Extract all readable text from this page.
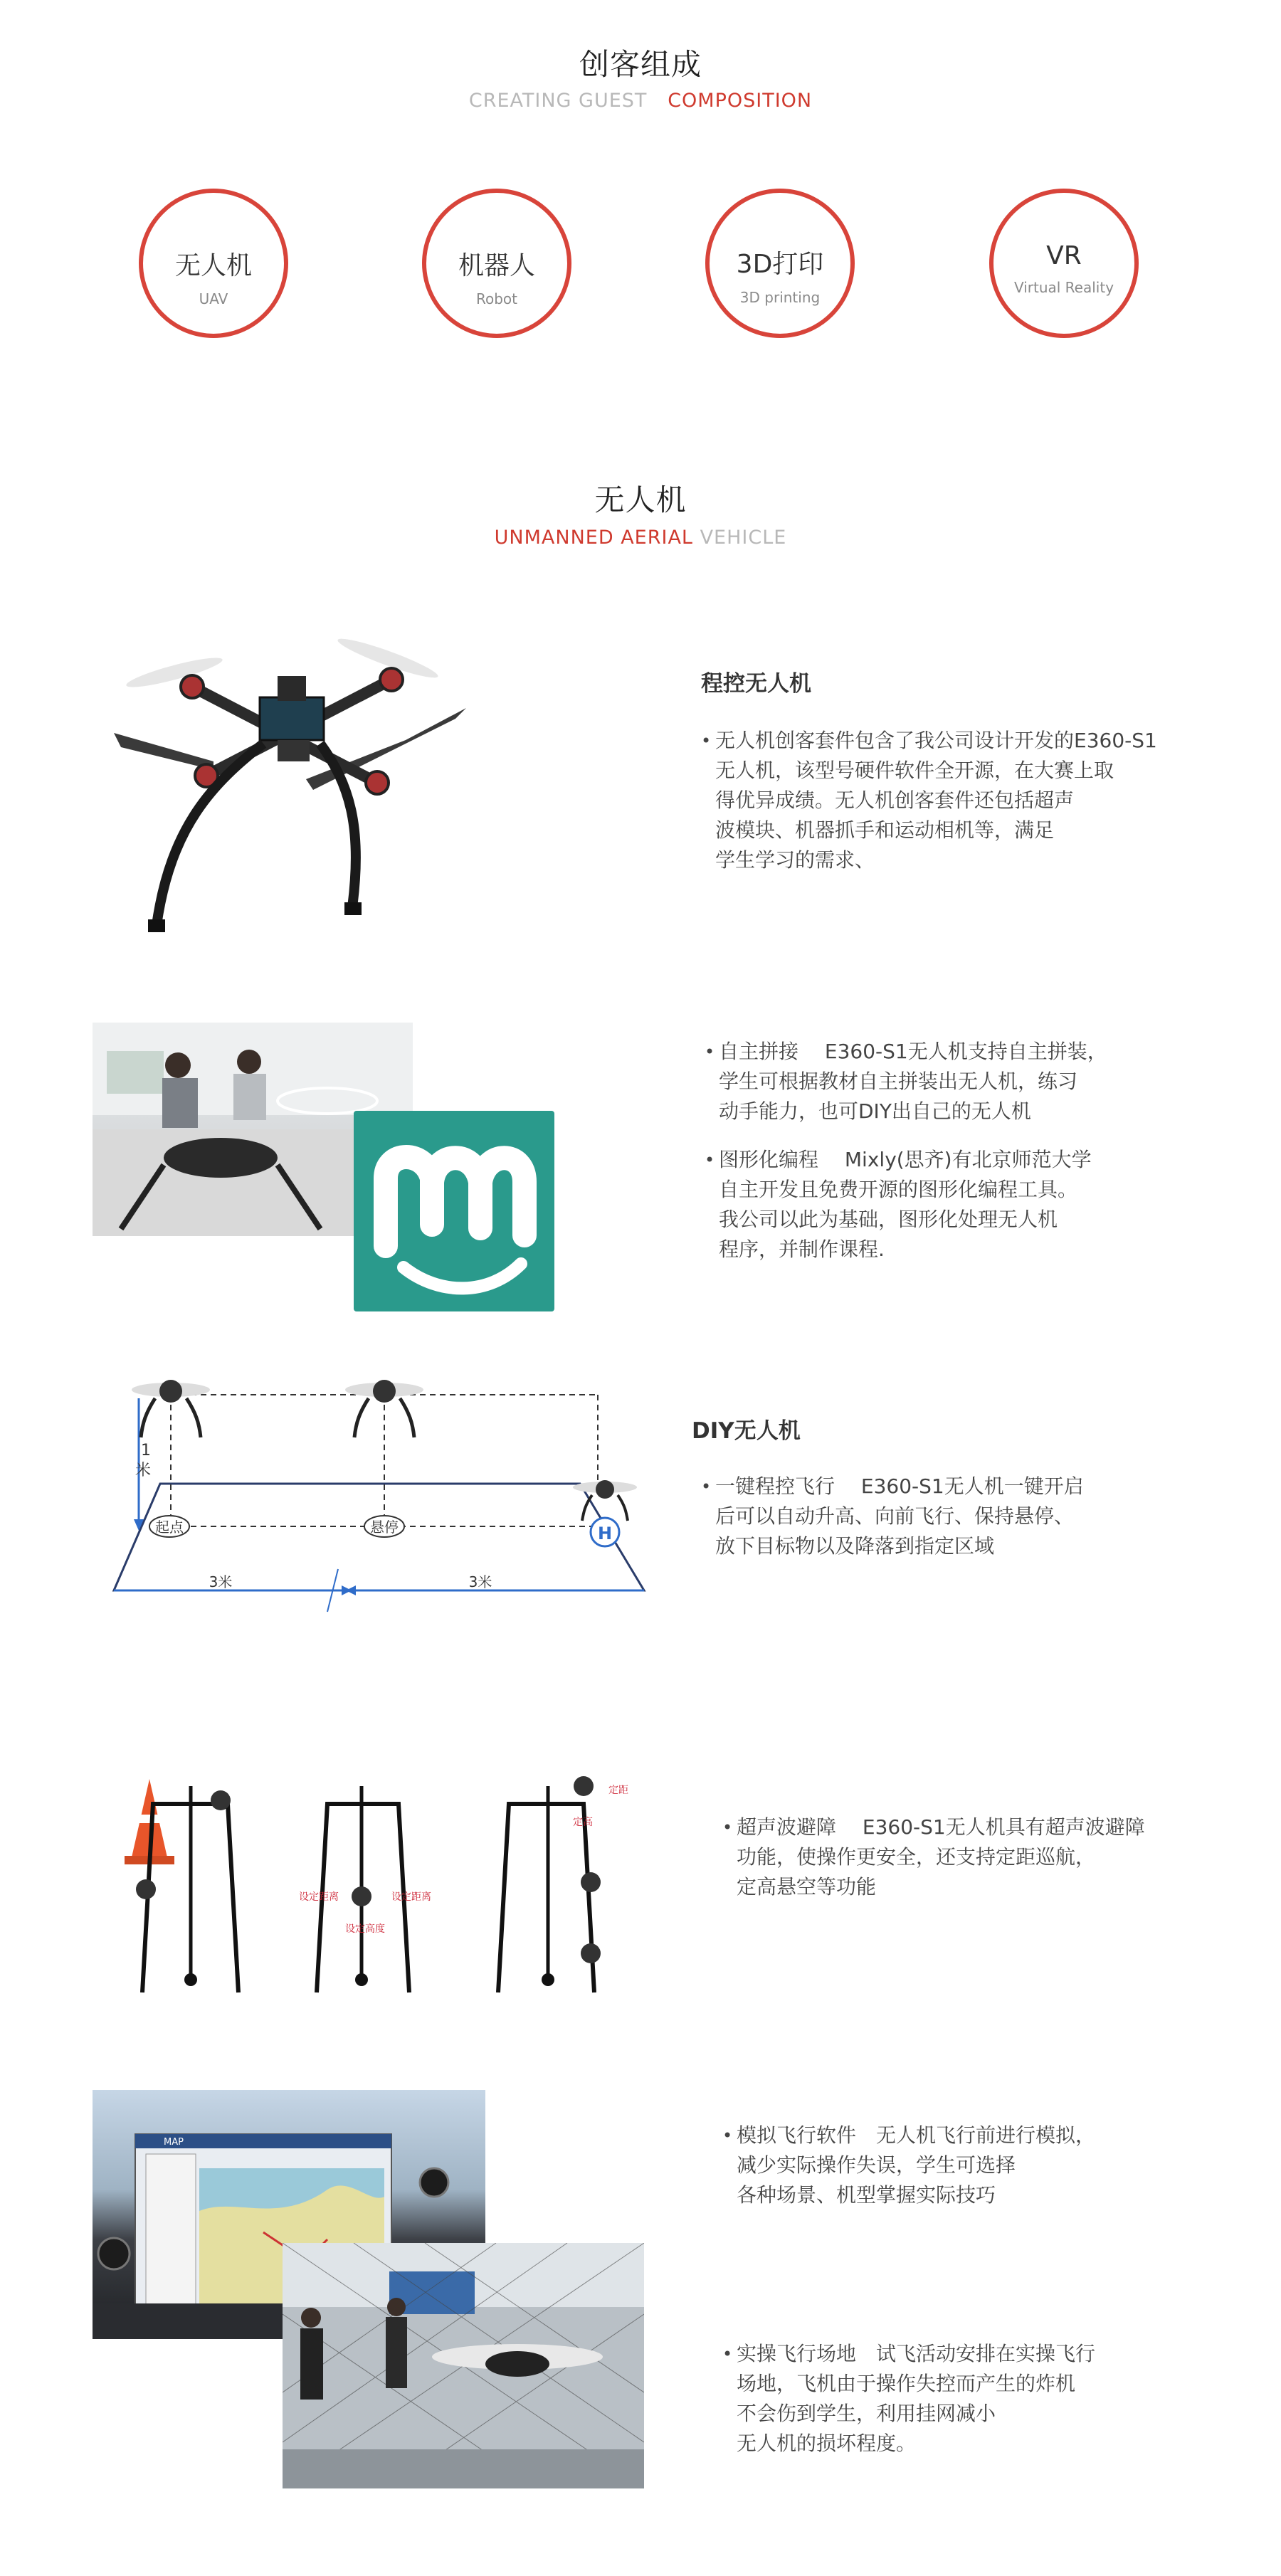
创客组成
CREATING GUEST COMPOSITION
无人机
UAV
机器人
Robot
3D打印
3D printing
VR
Virtual Reality
无人机
UNMANNED AERIAL VEHICLE
程控无人机
• 无人机创客套件包含了我公司设计开发的E360-S1
无人机，该型号硬件软件全开源，在大赛上取
得优异成绩。无人机创客套件还包括超声
波模块、机器抓手和运动相机等，满足
学生学习的需求、
• 自主拼接　 E360-S1无人机支持自主拼装，
学生可根据教材自主拼装出无人机，练习
动手能力，也可DIY出自己的无人机
• 图形化编程　 Mixly(思齐)有北京师范大学
自主开发且免费开源的图形化编程工具。
我公司以此为基础，图形化处理无人机
程序，并制作课程.
H
起点	悬停
1
米
3米	3米
DIY无人机
• 一键程控飞行　 E360-S1无人机一键开启
后可以自动升高、向前飞行、保持悬停、
放下目标物以及降落到指定区域
设定距离	设定距离
设定高度
定高
定距
• 超声波避障　 E360-S1无人机具有超声波避障
功能，使操作更安全，还支持定距巡航，
定高悬空等功能
MAP	• 模拟飞行软件　无人机飞行前进行模拟，
减少实际操作失误，学生可选择
各种场景、机型掌握实际技巧
• 实操飞行场地　试飞活动安排在实操飞行
场地，飞机由于操作失控而产生的炸机
不会伤到学生，利用挂网减小
无人机的损坏程度。
